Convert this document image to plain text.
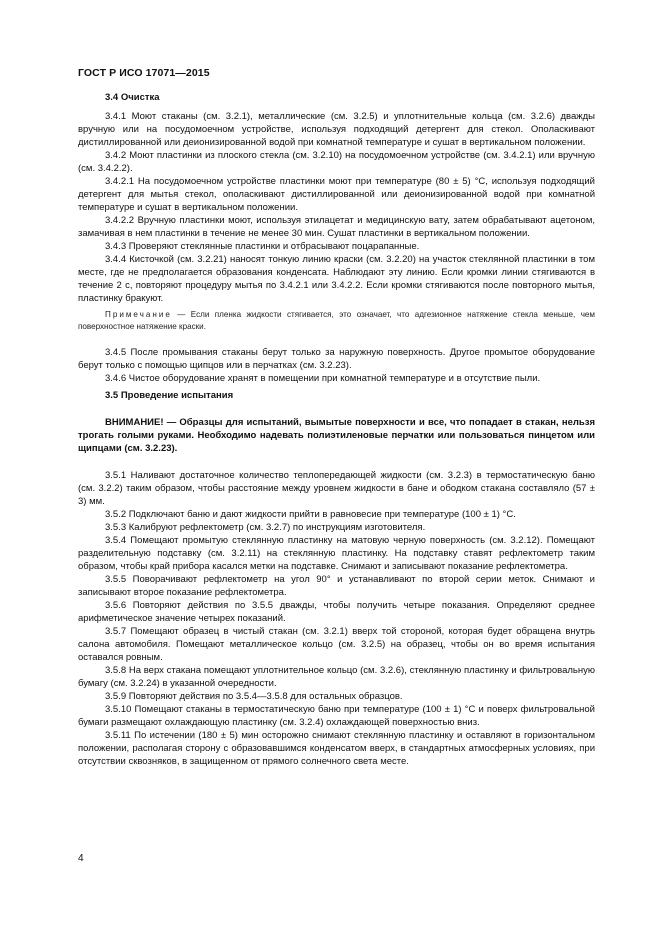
ГОСТ Р ИСО 17071—2015

3.4 Очистка

3.4.1 Моют стаканы (см. 3.2.1), металлические (см. 3.2.5) и уплотнительные кольца (см. 3.2.6) дважды вручную или на посудомоечном устройстве, используя подходящий детергент для стекол. Ополаскивают дистиллированной или деионизированной водой при комнатной температуре и сушат в вертикальном положении.

3.4.2 Моют пластинки из плоского стекла (см. 3.2.10) на посудомоечном устройстве (см. 3.4.2.1) или вручную (см. 3.4.2.2).

3.4.2.1 На посудомоечном устройстве пластинки моют при температуре (80 ± 5) °С, используя подходящий детергент для мытья стекол, ополаскивают дистиллированной или деионизированной водой при комнатной температуре и сушат в вертикальном положении.

3.4.2.2 Вручную пластинки моют, используя этилацетат и медицинскую вату, затем обрабатывают ацетоном, замачивая в нем пластинки в течение не менее 30 мин. Сушат пластинки в вертикальном положении.

3.4.3 Проверяют стеклянные пластинки и отбрасывают поцарапанные.

3.4.4 Кисточкой (см. 3.2.21) наносят тонкую линию краски (см. 3.2.20) на участок стеклянной пластинки в том месте, где не предполагается образования конденсата. Наблюдают эту линию. Если кромки линии стягиваются в течение 2 с, повторяют процедуру мытья по 3.4.2.1 или 3.4.2.2. Если кромки стягиваются после повторного мытья, пластинку бракуют.

Примечание — Если пленка жидкости стягивается, это означает, что адгезионное натяжение стекла меньше, чем поверхностное натяжение краски.

3.4.5 После промывания стаканы берут только за наружную поверхность. Другое промытое оборудование берут только с помощью щипцов или в перчатках (см. 3.2.23).

3.4.6 Чистое оборудование хранят в помещении при комнатной температуре и в отсутствие пыли.

3.5 Проведение испытания

ВНИМАНИЕ! — Образцы для испытаний, вымытые поверхности и все, что попадает в стакан, нельзя трогать голыми руками. Необходимо надевать полиэтиленовые перчатки или пользоваться пинцетом или щипцами (см. 3.2.23).

3.5.1 Наливают достаточное количество теплопередающей жидкости (см. 3.2.3) в термостатическую баню (см. 3.2.2) таким образом, чтобы расстояние между уровнем жидкости в бане и ободком стакана составляло (57 ± 3) мм.

3.5.2 Подключают баню и дают жидкости прийти в равновесие при температуре (100 ± 1) °С.

3.5.3 Калибруют рефлектометр (см. 3.2.7) по инструкциям изготовителя.

3.5.4 Помещают промытую стеклянную пластинку на матовую черную поверхность (см. 3.2.12). Помещают разделительную подставку (см. 3.2.11) на стеклянную пластинку. На подставку ставят рефлектометр таким образом, чтобы край прибора касался метки на подставке. Снимают и записывают показание рефлектометра.

3.5.5 Поворачивают рефлектометр на угол 90° и устанавливают по второй серии меток. Снимают и записывают второе показание рефлектометра.

3.5.6 Повторяют действия по 3.5.5 дважды, чтобы получить четыре показания. Определяют среднее арифметическое значение четырех показаний.

3.5.7 Помещают образец в чистый стакан (см. 3.2.1) вверх той стороной, которая будет обращена внутрь салона автомобиля. Помещают металлическое кольцо (см. 3.2.5) на образец, чтобы он во время испытания оставался ровным.

3.5.8 На верх стакана помещают уплотнительное кольцо (см. 3.2.6), стеклянную пластинку и фильтровальную бумагу (см. 3.2.24) в указанной очередности.

3.5.9 Повторяют действия по 3.5.4—3.5.8 для остальных образцов.

3.5.10 Помещают стаканы в термостатическую баню при температуре (100 ± 1) °С и поверх фильтровальной бумаги размещают охлаждающую пластинку (см. 3.2.4) охлаждающей поверхностью вниз.

3.5.11 По истечении (180 ± 5) мин осторожно снимают стеклянную пластинку и оставляют в горизонтальном положении, располагая сторону с образовавшимся конденсатом вверх, в стандартных атмосферных условиях, при отсутствии сквозняков, в защищенном от прямого солнечного света месте.

4
